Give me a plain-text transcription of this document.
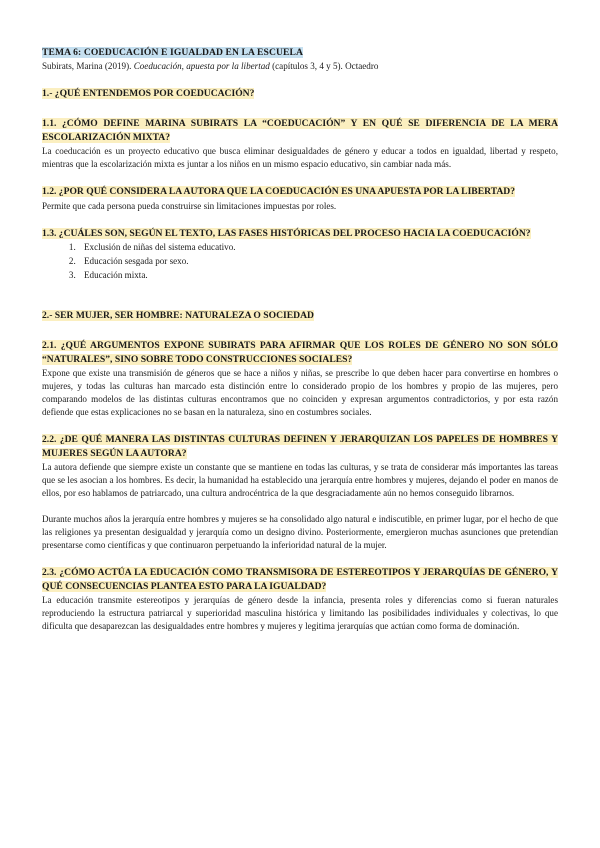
TEMA 6: COEDUCACIÓN E IGUALDAD EN LA ESCUELA
Subirats, Marina (2019). Coeducación, apuesta por la libertad (capítulos 3, 4 y 5). Octaedro
1.- ¿QUÉ ENTENDEMOS POR COEDUCACIÓN?
1.1. ¿CÓMO DEFINE MARINA SUBIRATS LA “COEDUCACIÓN” Y EN QUÉ SE DIFERENCIA DE LA MERA ESCOLARIZACIÓN MIXTA?
La coeducación es un proyecto educativo que busca eliminar desigualdades de género y educar a todos en igualdad, libertad y respeto, mientras que la escolarización mixta es juntar a los niños en un mismo espacio educativo, sin cambiar nada más.
1.2. ¿POR QUÉ CONSIDERA LA AUTORA QUE LA COEDUCACIÓN ES UNA APUESTA POR LA LIBERTAD?
Permite que cada persona pueda construirse sin limitaciones impuestas por roles.
1.3. ¿CUÁLES SON, SEGÚN EL TEXTO, LAS FASES HISTÓRICAS DEL PROCESO HACIA LA COEDUCACIÓN?
1. Exclusión de niñas del sistema educativo.
2. Educación sesgada por sexo.
3. Educación mixta.
2.- SER MUJER, SER HOMBRE: NATURALEZA O SOCIEDAD
2.1. ¿QUÉ ARGUMENTOS EXPONE SUBIRATS PARA AFIRMAR QUE LOS ROLES DE GÉNERO NO SON SÓLO “NATURALES”, SINO SOBRE TODO CONSTRUCCIONES SOCIALES?
Expone que existe una transmisión de géneros que se hace a niños y niñas, se prescribe lo que deben hacer para convertirse en hombres o mujeres, y todas las culturas han marcado esta distinción entre lo considerado propio de los hombres y propio de las mujeres, pero comparando modelos de las distintas culturas encontramos que no coinciden y expresan argumentos contradictorios, y por esta razón defiende que estas explicaciones no se basan en la naturaleza, sino en costumbres sociales.
2.2. ¿DE QUÉ MANERA LAS DISTINTAS CULTURAS DEFINEN Y JERARQUIZAN LOS PAPELES DE HOMBRES Y MUJERES SEGÚN LA AUTORA?
La autora defiende que siempre existe un constante que se mantiene en todas las culturas, y se trata de considerar más importantes las tareas que se les asocian a los hombres. Es decir, la humanidad ha establecido una jerarquía entre hombres y mujeres, dejando el poder en manos de ellos, por eso hablamos de patriarcado, una cultura androcéntrica de la que desgraciadamente aún no hemos conseguido librarnos.
Durante muchos años la jerarquía entre hombres y mujeres se ha consolidado algo natural e indiscutible, en primer lugar, por el hecho de que las religiones ya presentan desigualdad y jerarquía como un designo divino. Posteriormente, emergieron muchas asunciones que pretendían presentarse como científicas y que continuaron perpetuando la inferioridad natural de la mujer.
2.3. ¿CÓMO ACTÚA LA EDUCACIÓN COMO TRANSMISORA DE ESTEREOTIPOS Y JERARQUÍAS DE GÉNERO, Y QUÉ CONSECUENCIAS PLANTEA ESTO PARA LA IGUALDAD?
La educación transmite estereotipos y jerarquías de género desde la infancia, presenta roles y diferencias como si fueran naturales reproduciendo la estructura patriarcal y superioridad masculina histórica y limitando las posibilidades individuales y colectivas, lo que dificulta que desaparezcan las desigualdades entre hombres y mujeres y legitima jerarquías que actúan como forma de dominación.
